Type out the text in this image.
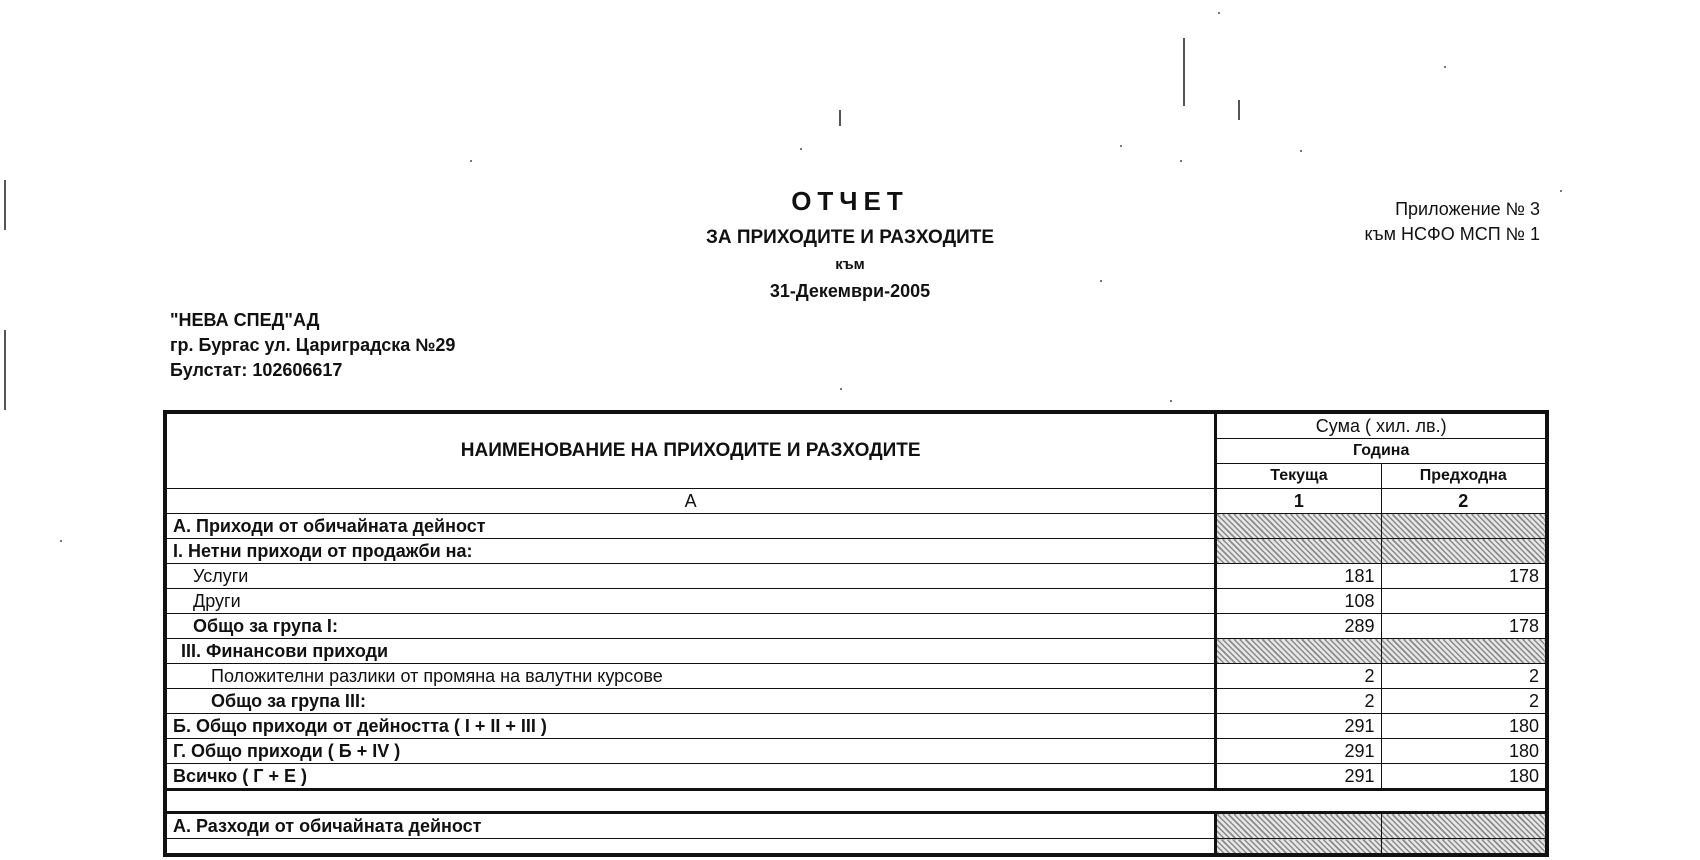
ОТЧЕТ
ЗА ПРИХОДИТЕ И РАЗХОДИТЕ
към
31-Декември-2005
Приложение № 3
към НСФО МСП № 1
"НЕВА СПЕД"АД
гр. Бургас ул. Цариградска №29
Булстат: 102606617
НАИМЕНОВАНИЕ НА ПРИХОДИТЕ И РАЗХОДИТЕ	Сума ( хил. лв.)	
	Година	
	Текуща	Предходна
А	1	2
А. Приходи от обичайната дейност		
I. Нетни приходи от продажби на:		
Услуги	181	178
Други	108	
Общо за група I:	289	178
III. Финансови приходи		
Положителни разлики от промяна на валутни курсове	2	2
Общо за група III:	2	2
Б. Общо приходи от дейността ( I + II + III )	291	180
Г. Общо приходи ( Б + IV )	291	180
Всичко ( Г + Е )	291	180

А. Разходи от обичайната дейност		
